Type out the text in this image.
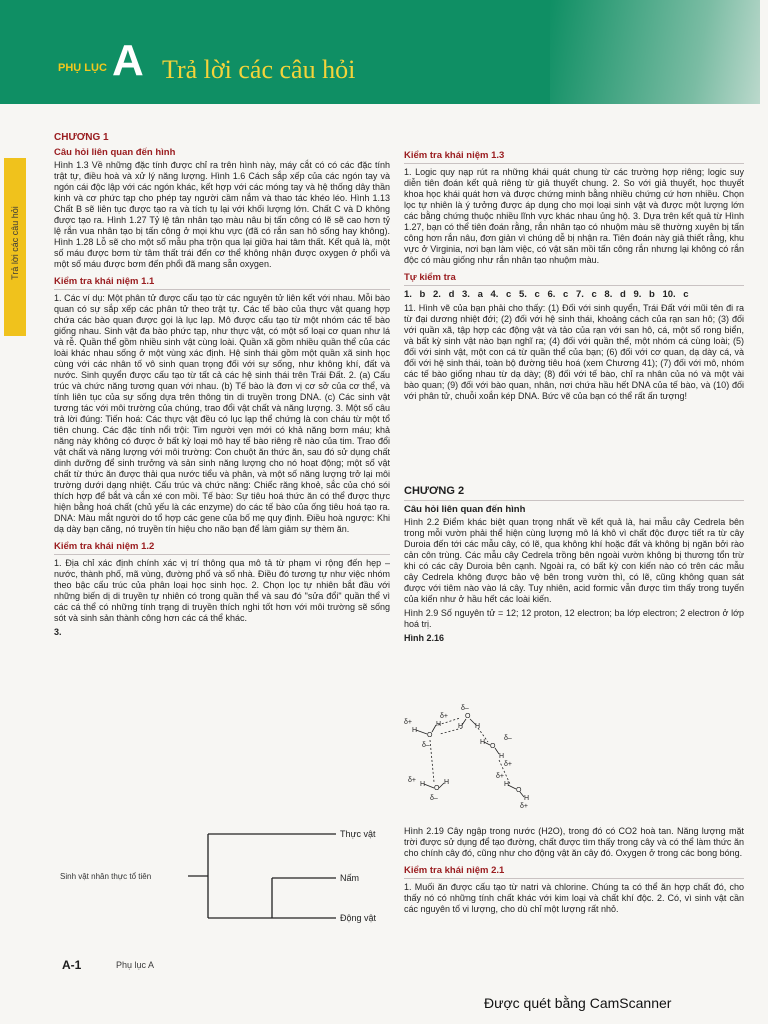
PHỤ LỤC A Trả lời các câu hỏi
Trả lời các câu hỏi
CHƯƠNG 1
Câu hỏi liên quan đến hình

Hình 1.3 Về những đặc tính được chỉ ra trên hình này, máy cắt có có các đặc tính trật tự, điều hoà và xử lý năng lượng. Hình 1.6 Cách sắp xếp của các ngón tay và ngón cái độc lập với các ngón khác, kết hợp với các móng tay và hệ thống dây thần kinh và cơ phức tạp cho phép tay người cầm nắm và thao tác khéo léo. Hình 1.13 Chất B sẽ liên tục được tạo ra và tích tụ lại với khối lượng lớn. Chất C và D không được tạo ra. Hình 1.27 Tỷ lệ tân nhân tạo màu nâu bị tấn công có lẽ sẽ cao hơn tỷ lệ rắn vua nhân tạo bị tấn công ở mọi khu vực (đã có rắn san hô sống hay không). Hình 1.28 Lỗ sẽ cho một số mẫu pha trộn qua lại giữa hai tâm thất. Kết quả là, một số máu được bơm từ tâm thất trái đến cơ thể không nhận được oxygen ở phổi và một số máu được bơm đến phổi đã mang sẵn oxygen.

Kiểm tra khái niệm 1.1

1. Các ví dụ: Một phân tử được cấu tạo từ các nguyên tử liên kết với nhau. Mỗi bào quan có sự sắp xếp các phân tử theo trật tự. Các tế bào của thực vật quang hợp chứa các bào quan được gọi là lục lạp. Mô được cấu tạo từ một nhóm các tế bào giống nhau. Sinh vật đa bào phức tạp, như thực vật, có một số loại cơ quan như lá và rễ. Quần thể gồm nhiều sinh vật cùng loài. Quần xã gồm nhiều quần thể của các loài khác nhau sống ở một vùng xác định. Hệ sinh thái gồm một quần xã sinh học cùng với các nhân tố vô sinh quan trọng đối với sự sống, như không khí, đất và nước. Sinh quyển được cấu tạo từ tất cả các hệ sinh thái trên Trái Đất. 2. (a) Cấu trúc và chức năng tương quan với nhau. (b) Tế bào là đơn vị cơ sở của cơ thể, và tính liên tục của sự sống dựa trên thông tin di truyền trong DNA. (c) Các sinh vật tương tác với môi trường của chúng, trao đổi vật chất và năng lượng. 3. Một số câu trả lời đúng: Tiến hoá: Các thực vật đều có lục lạp thể chứng là con cháu từ một tổ tiên chung. Các đặc tính nổi trội: Tim người vẹn mới có khả năng bơm máu; khả năng này không có được ở bất kỳ loại mô hay tế bào riêng rẽ nào của tim. Trao đổi vật chất và năng lượng với môi trường: Con chuột ăn thức ăn, sau đó sử dụng chất dinh dưỡng để sinh trưởng và sản sinh năng lượng cho nó hoạt động; một số vật chất từ thức ăn được thải qua nước tiểu và phân, và một số năng lượng trở lại môi trường dưới dạng nhiệt. Cấu trúc và chức năng: Chiếc răng khoẻ, sắc của chó sói thích hợp để bắt và cắn xé con mồi. Tế bào: Sự tiêu hoá thức ăn có thể được thực hiện bằng hoá chất (chủ yếu là các enzyme) do các tế bào của ống tiêu hoá tạo ra. DNA: Màu mắt người do tổ hợp các gene của bố mẹ quy định. Điều hoà ngược: Khi dạ dày bạn căng, nó truyền tín hiệu cho não bạn để làm giảm sự thèm ăn.

Kiểm tra khái niệm 1.2

1. Địa chỉ xác định chính xác vị trí thông qua mô tả từ phạm vi rộng đến hẹp – nước, thành phố, mã vùng, đường phố và số nhà. Điều đó tương tự như việc nhóm theo bậc cấu trúc của phân loại học sinh học. 2. Chọn lọc tự nhiên bắt đầu với những biến dị di truyền tự nhiên có trong quần thể và sau đó "sửa đổi" quần thể vì các cá thể có những tính trạng di truyền thích nghi tốt hơn với môi trường sẽ sống sót và sinh sản thành công hơn các cá thể khác.

3.

Sinh vật nhân thực tổ tiên
Thực vật
Nấm
Động vật
Kiểm tra khái niệm 1.3

1. Logic quy nạp rút ra những khái quát chung từ các trường hợp riêng; logic suy diễn tiên đoán kết quả riêng từ giả thuyết chung. 2. So với giả thuyết, học thuyết khoa học khái quát hơn và được chứng minh bằng nhiều chứng cứ hơn nhiều. Chọn lọc tự nhiên là ý tưởng được áp dụng cho mọi loại sinh vật và được một lượng lớn các bằng chứng thuộc nhiều lĩnh vực khác nhau ủng hộ. 3. Dựa trên kết quả từ Hình 1.27, bạn có thể tiên đoán rằng, rắn nhân tạo có nhuộm màu sẽ thường xuyên bị tấn công hơn rắn nâu, đơn giản vì chúng dễ bị nhận ra. Tiên đoán này giả thiết rằng, khu vực ở Virginia, nơi bạn làm việc, có vật săn mồi tấn công rắn nhưng lại không có rắn độc có màu giống như rắn nhân tạo nhuộm màu.

Tự kiểm tra

1. b 2. d 3. a 4. c 5. c 6. c 7. c 8. d 9. b 10. c

11. Hình vẽ của bạn phải cho thấy: (1) Đối với sinh quyển, Trái Đất với mũi tên đi ra từ đại dương nhiệt đới; (2) đối với hệ sinh thái, khoảng cách của rạn san hô; (3) đối với quần xã, tập hợp các động vật và tảo của rạn với san hô, cá, một số rong biển, và bất kỳ sinh vật nào bạn nghĩ ra; (4) đối với quần thể, một nhóm cá cùng loài; (5) đối với sinh vật, một con cá từ quần thể của bạn; (6) đối với cơ quan, dạ dày cá, và đối với hệ sinh thái, toàn bộ đường tiêu hoá (xem Chương 41); (7) đối với mô, nhóm các tế bào giống nhau từ dạ dày; (8) đối với tế bào, chỉ ra nhân của nó và một vài bào quan; (9) đối với bào quan, nhân, nơi chứa hầu hết DNA của tế bào, và (10) đối với phân tử, chuỗi xoắn kép DNA. Bức vẽ của bạn có thể rất ấn tượng!

CHƯƠNG 2
Câu hỏi liên quan đến hình

Hình 2.2 Điểm khác biệt quan trọng nhất về kết quả là, hai mẫu cây Cedrela bên trong mỗi vườn phải thể hiện cùng lượng mô lá khô vì chất độc được tiết ra từ cây Duroia đến tới các mẫu cây, có lẽ, qua không khí hoặc đất và không bị ngăn bởi rào cản côn trùng. Các mẫu cây Cedrela trồng bên ngoài vườn không bị thương tổn trừ khi có các cây Duroia bên cạnh. Ngoài ra, có bất kỳ con kiến nào có trên các mẫu cây Cedrela không được bảo vệ bên trong vườn thì, có lẽ, cũng không quan sát được với tiêm nào vào lá cây. Tuy nhiên, acid formic vẫn được tìm thấy trong tuyến của kiến như ở hầu hết các loài kiến.

Hình 2.9 Số nguyên tử = 12; 12 proton, 12 electron; ba lớp electron; 2 electron ở lớp hoá trị.

Hình 2.16

O
H
H
δ+
δ+
δ–
O
H H
δ–
O
H
H
δ–
δ+
O
H	H
δ+
δ–
O
H
H
δ+
δ+

Hình 2.19 Cây ngập trong nước (H2O), trong đó có CO2 hoà tan. Năng lượng mặt trời được sử dụng để tạo đường, chất được tìm thấy trong cây và có thể làm thức ăn cho chính cây đó, cũng như cho động vật ăn cây đó. Oxygen ở trong các bong bóng.

Kiểm tra khái niệm 2.1

1. Muối ăn được cấu tạo từ natri và chlorine. Chúng ta có thể ăn hợp chất đó, cho thấy nó có những tính chất khác với kim loại và chất khí độc. 2. Có, vì sinh vật cần các nguyên tố vi lượng, cho dù chỉ một lượng rất nhỏ.

A-1	Phụ lục A
Được quét bằng CamScanner
